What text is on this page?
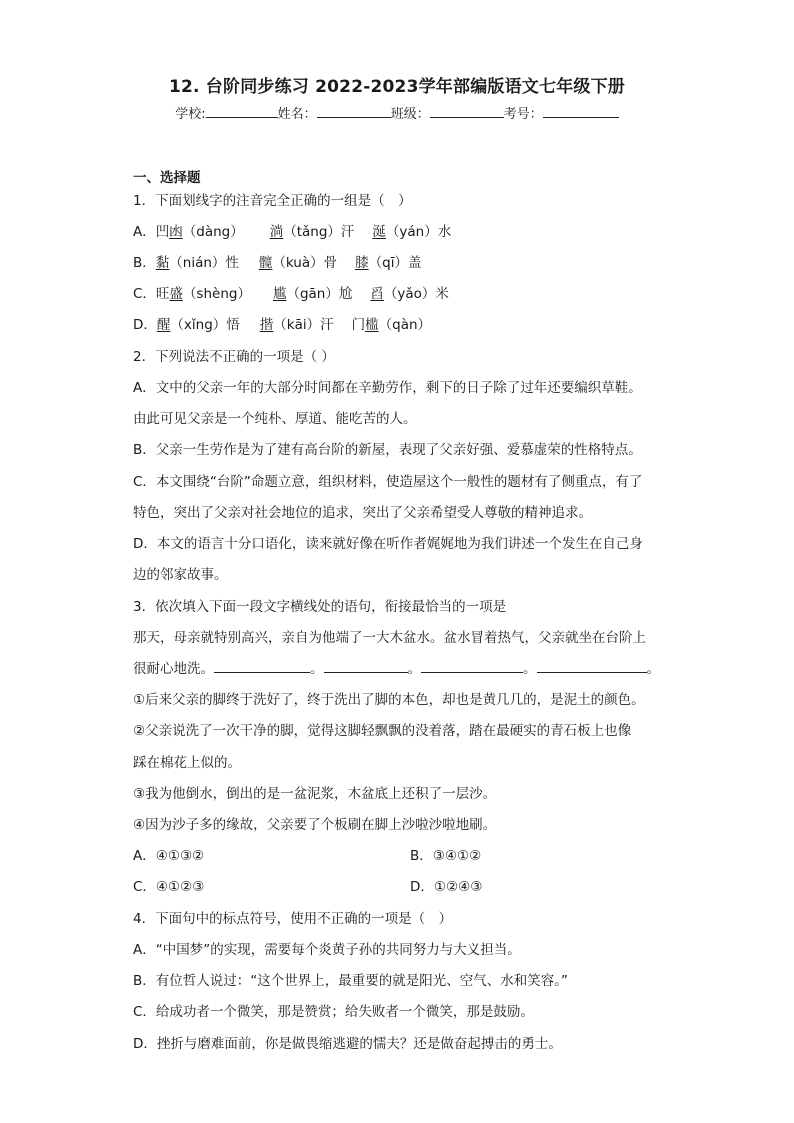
12. 台阶同步练习 2022-2023学年部编版语文七年级下册
学校:	姓名：	班级：	考号：
一、选择题
1．下面划线字的注音完全正确的一组是（　）
A．凹凼（dàng） 淌（tǎng）汗 涎（yán）水
B．黏（nián）性 髋（kuà）骨 膝（qī）盖
C．旺盛（shèng） 尴（gān）尬 舀（yǎo）米
D．醒（xǐng）悟 揩（kāi）汗 门槛（qàn）
2．下列说法不正确的一项是（ ）
A．文中的父亲一年的大部分时间都在辛勤劳作，剩下的日子除了过年还要编织草鞋。
由此可见父亲是一个纯朴、厚道、能吃苦的人。
B．父亲一生劳作是为了建有高台阶的新屋，表现了父亲好强、爱慕虚荣的性格特点。
C．本文围绕“台阶”命题立意，组织材料，使造屋这个一般性的题材有了侧重点，有了
特色，突出了父亲对社会地位的追求，突出了父亲希望受人尊敬的精神追求。
D．本文的语言十分口语化，读来就好像在听作者娓娓地为我们讲述一个发生在自己身
边的邻家故事。
3．依次填入下面一段文字横线处的语句，衔接最恰当的一项是
那天，母亲就特别高兴，亲自为他端了一大木盆水。盆水冒着热气，父亲就坐在台阶上
很耐心地洗。	。	。	。	。
①后来父亲的脚终于洗好了，终于洗出了脚的本色，却也是黄几几的，是泥土的颜色。
②父亲说洗了一次干净的脚，觉得这脚轻飘飘的没着落，踏在最硬实的青石板上也像
踩在棉花上似的。
③我为他倒水，倒出的是一盆泥浆，木盆底上还积了一层沙。
④因为沙子多的缘故，父亲要了个板刷在脚上沙啦沙啦地刷。
A．④①③②	B．③④①②
C．④①②③	D．①②④③
4．下面句中的标点符号，使用不正确的一项是（　）
A．“中国梦”的实现，需要每个炎黄子孙的共同努力与大义担当。
B．有位哲人说过：“这个世界上，最重要的就是阳光、空气、水和笑容。”
C．给成功者一个微笑，那是赞赏；给失败者一个微笑，那是鼓励。
D．挫折与磨难面前，你是做畏缩逃避的懦夫？还是做奋起搏击的勇士。
